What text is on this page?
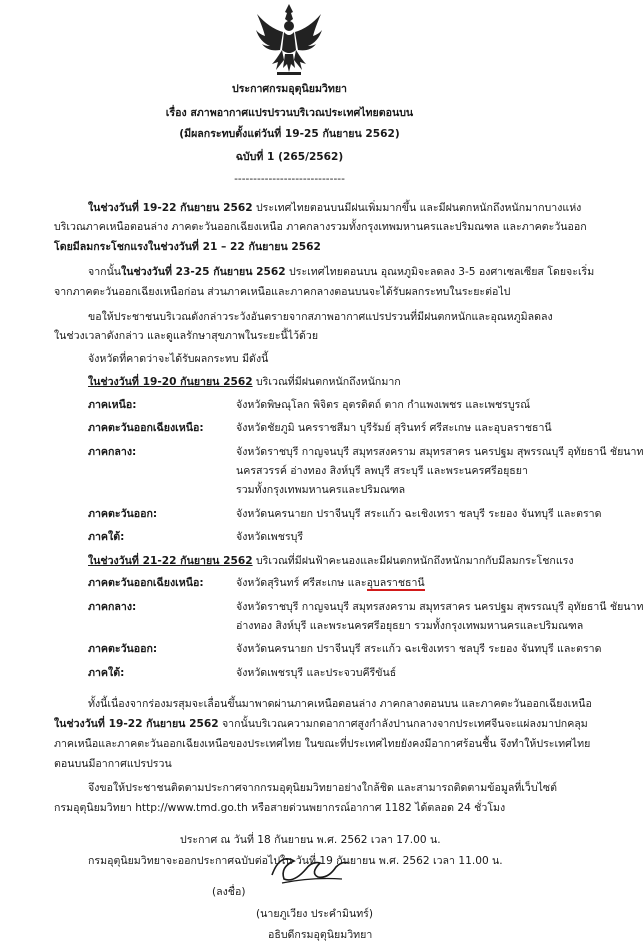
ประกาศกรมอุตุนิยมวิทยา
เรื่อง สภาพอากาศแปรปรวนบริเวณประเทศไทยตอนบน
(มีผลกระทบตั้งแต่วันที่ 19-25 กันยายน 2562)
ฉบับที่ 1 (265/2562)
-----------------------------
ในช่วงวันที่ 19-22 กันยายน 2562 ประเทศไทยตอนบนมีฝนเพิ่มมากขึ้น และมีฝนตกหนักถึงหนักมากบางแห่ง
บริเวณภาคเหนือตอนล่าง ภาคตะวันออกเฉียงเหนือ ภาคกลางรวมทั้งกรุงเทพมหานครและปริมณฑล และภาคตะวันออก
โดยมีลมกระโชกแรงในช่วงวันที่ 21 – 22 กันยายน 2562
จากนั้นในช่วงวันที่ 23-25 กันยายน 2562 ประเทศไทยตอนบน อุณหภูมิจะลดลง 3-5 องศาเซลเซียส โดยจะเริ่ม
จากภาคตะวันออกเฉียงเหนือก่อน ส่วนภาคเหนือและภาคกลางตอนบนจะได้รับผลกระทบในระยะต่อไป
ขอให้ประชาชนบริเวณดังกล่าวระวังอันตรายจากสภาพอากาศแปรปรวนที่มีฝนตกหนักและอุณหภูมิลดลง
ในช่วงเวลาดังกล่าว และดูแลรักษาสุขภาพในระยะนี้ไว้ด้วย
จังหวัดที่คาดว่าจะได้รับผลกระทบ มีดังนี้
ในช่วงวันที่ 19-20 กันยายน 2562 บริเวณที่มีฝนตกหนักถึงหนักมาก
ภาคเหนือ:	จังหวัดพิษณุโลก พิจิตร อุตรดิตถ์ ตาก กำแพงเพชร และเพชรบูรณ์
ภาคตะวันออกเฉียงเหนือ:	จังหวัดชัยภูมิ นครราชสีมา บุรีรัมย์ สุรินทร์ ศรีสะเกษ และอุบลราชธานี
ภาคกลาง:	จังหวัดราชบุรี กาญจนบุรี สมุทรสงคราม สมุทรสาคร นครปฐม สุพรรณบุรี อุทัยธานี ชัยนาท
นครสวรรค์ อ่างทอง สิงห์บุรี ลพบุรี สระบุรี และพระนครศรีอยุธยา
รวมทั้งกรุงเทพมหานครและปริมณฑล
ภาคตะวันออก:	จังหวัดนครนายก ปราจีนบุรี สระแก้ว ฉะเชิงเทรา ชลบุรี ระยอง จันทบุรี และตราด
ภาคใต้:	จังหวัดเพชรบุรี
ในช่วงวันที่ 21-22 กันยายน 2562 บริเวณที่มีฝนฟ้าคะนองและมีฝนตกหนักถึงหนักมากกับมีลมกระโชกแรง
ภาคตะวันออกเฉียงเหนือ:	จังหวัดสุรินทร์ ศรีสะเกษ และอุบลราชธานี
ภาคกลาง:	จังหวัดราชบุรี กาญจนบุรี สมุทรสงคราม สมุทรสาคร นครปฐม สุพรรณบุรี อุทัยธานี ชัยนาท
อ่างทอง สิงห์บุรี และพระนครศรีอยุธยา รวมทั้งกรุงเทพมหานครและปริมณฑล
ภาคตะวันออก:	จังหวัดนครนายก ปราจีนบุรี สระแก้ว ฉะเชิงเทรา ชลบุรี ระยอง จันทบุรี และตราด
ภาคใต้:	จังหวัดเพชรบุรี และประจวบคีรีขันธ์
ทั้งนี้เนื่องจากร่องมรสุมจะเลื่อนขึ้นมาพาดผ่านภาคเหนือตอนล่าง ภาคกลางตอนบน และภาคตะวันออกเฉียงเหนือ
ในช่วงวันที่ 19-22 กันยายน 2562 จากนั้นบริเวณความกดอากาศสูงกำลังปานกลางจากประเทศจีนจะแผ่ลงมาปกคลุม
ภาคเหนือและภาคตะวันออกเฉียงเหนือของประเทศไทย ในขณะที่ประเทศไทยยังคงมีอากาศร้อนชื้น จึงทำให้ประเทศไทย
ตอนบนมีอากาศแปรปรวน
จึงขอให้ประชาชนติดตามประกาศจากกรมอุตุนิยมวิทยาอย่างใกล้ชิด และสามารถติดตามข้อมูลที่เว็บไซต์
กรมอุตุนิยมวิทยา http://www.tmd.go.th หรือสายด่วนพยากรณ์อากาศ 1182 ได้ตลอด 24 ชั่วโมง
ประกาศ ณ วันที่ 18 กันยายน พ.ศ. 2562 เวลา 17.00 น.
กรมอุตุนิยมวิทยาจะออกประกาศฉบับต่อไปใน วันที่ 19 กันยายน พ.ศ. 2562 เวลา 11.00 น.
(ลงชื่อ)
(นายภูเวียง ประคำมินทร์)
อธิบดีกรมอุตุนิยมวิทยา
